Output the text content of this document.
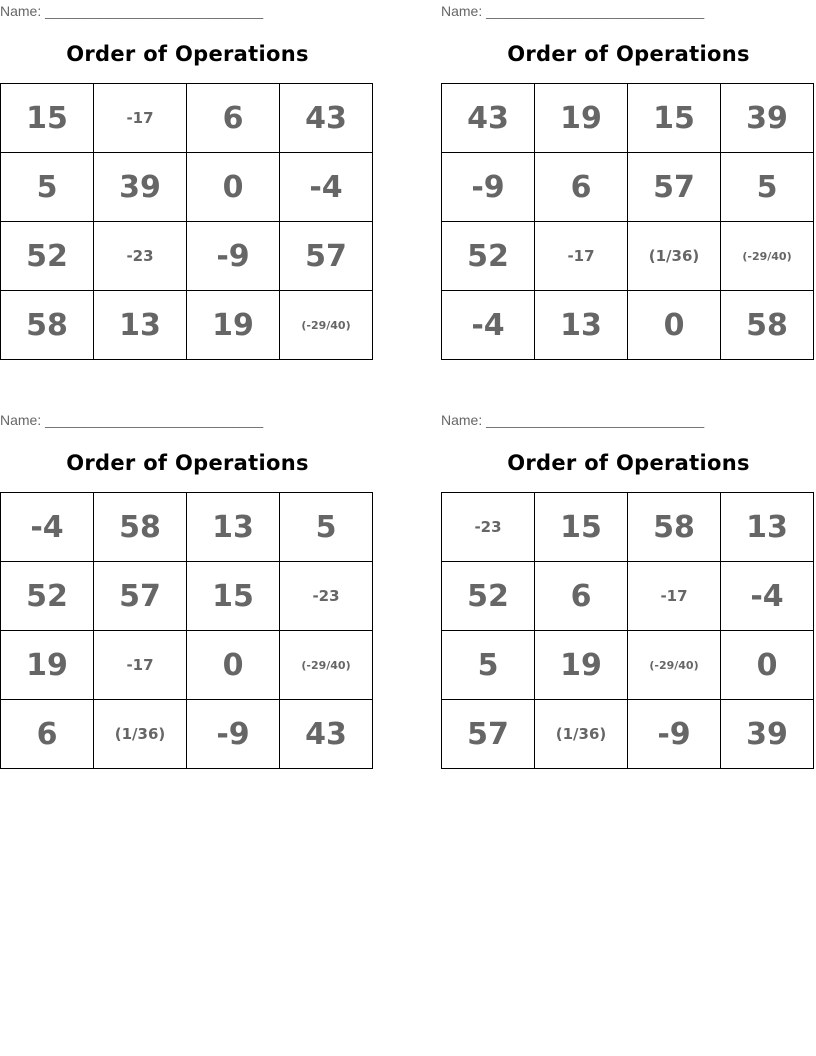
Name: ____________________________
Order of Operations
15	-17	6	43
5	39	0	-4
52	-23	-9	57
58	13	19	(-29/40)
Name: ____________________________
Order of Operations
43	19	15	39
-9	6	57	5
52	-17	(1/36)	(-29/40)
-4	13	0	58
Name: ____________________________
Order of Operations
-4	58	13	5
52	57	15	-23
19	-17	0	(-29/40)
6	(1/36)	-9	43
Name: ____________________________
Order of Operations
-23	15	58	13
52	6	-17	-4
5	19	(-29/40)	0
57	(1/36)	-9	39
